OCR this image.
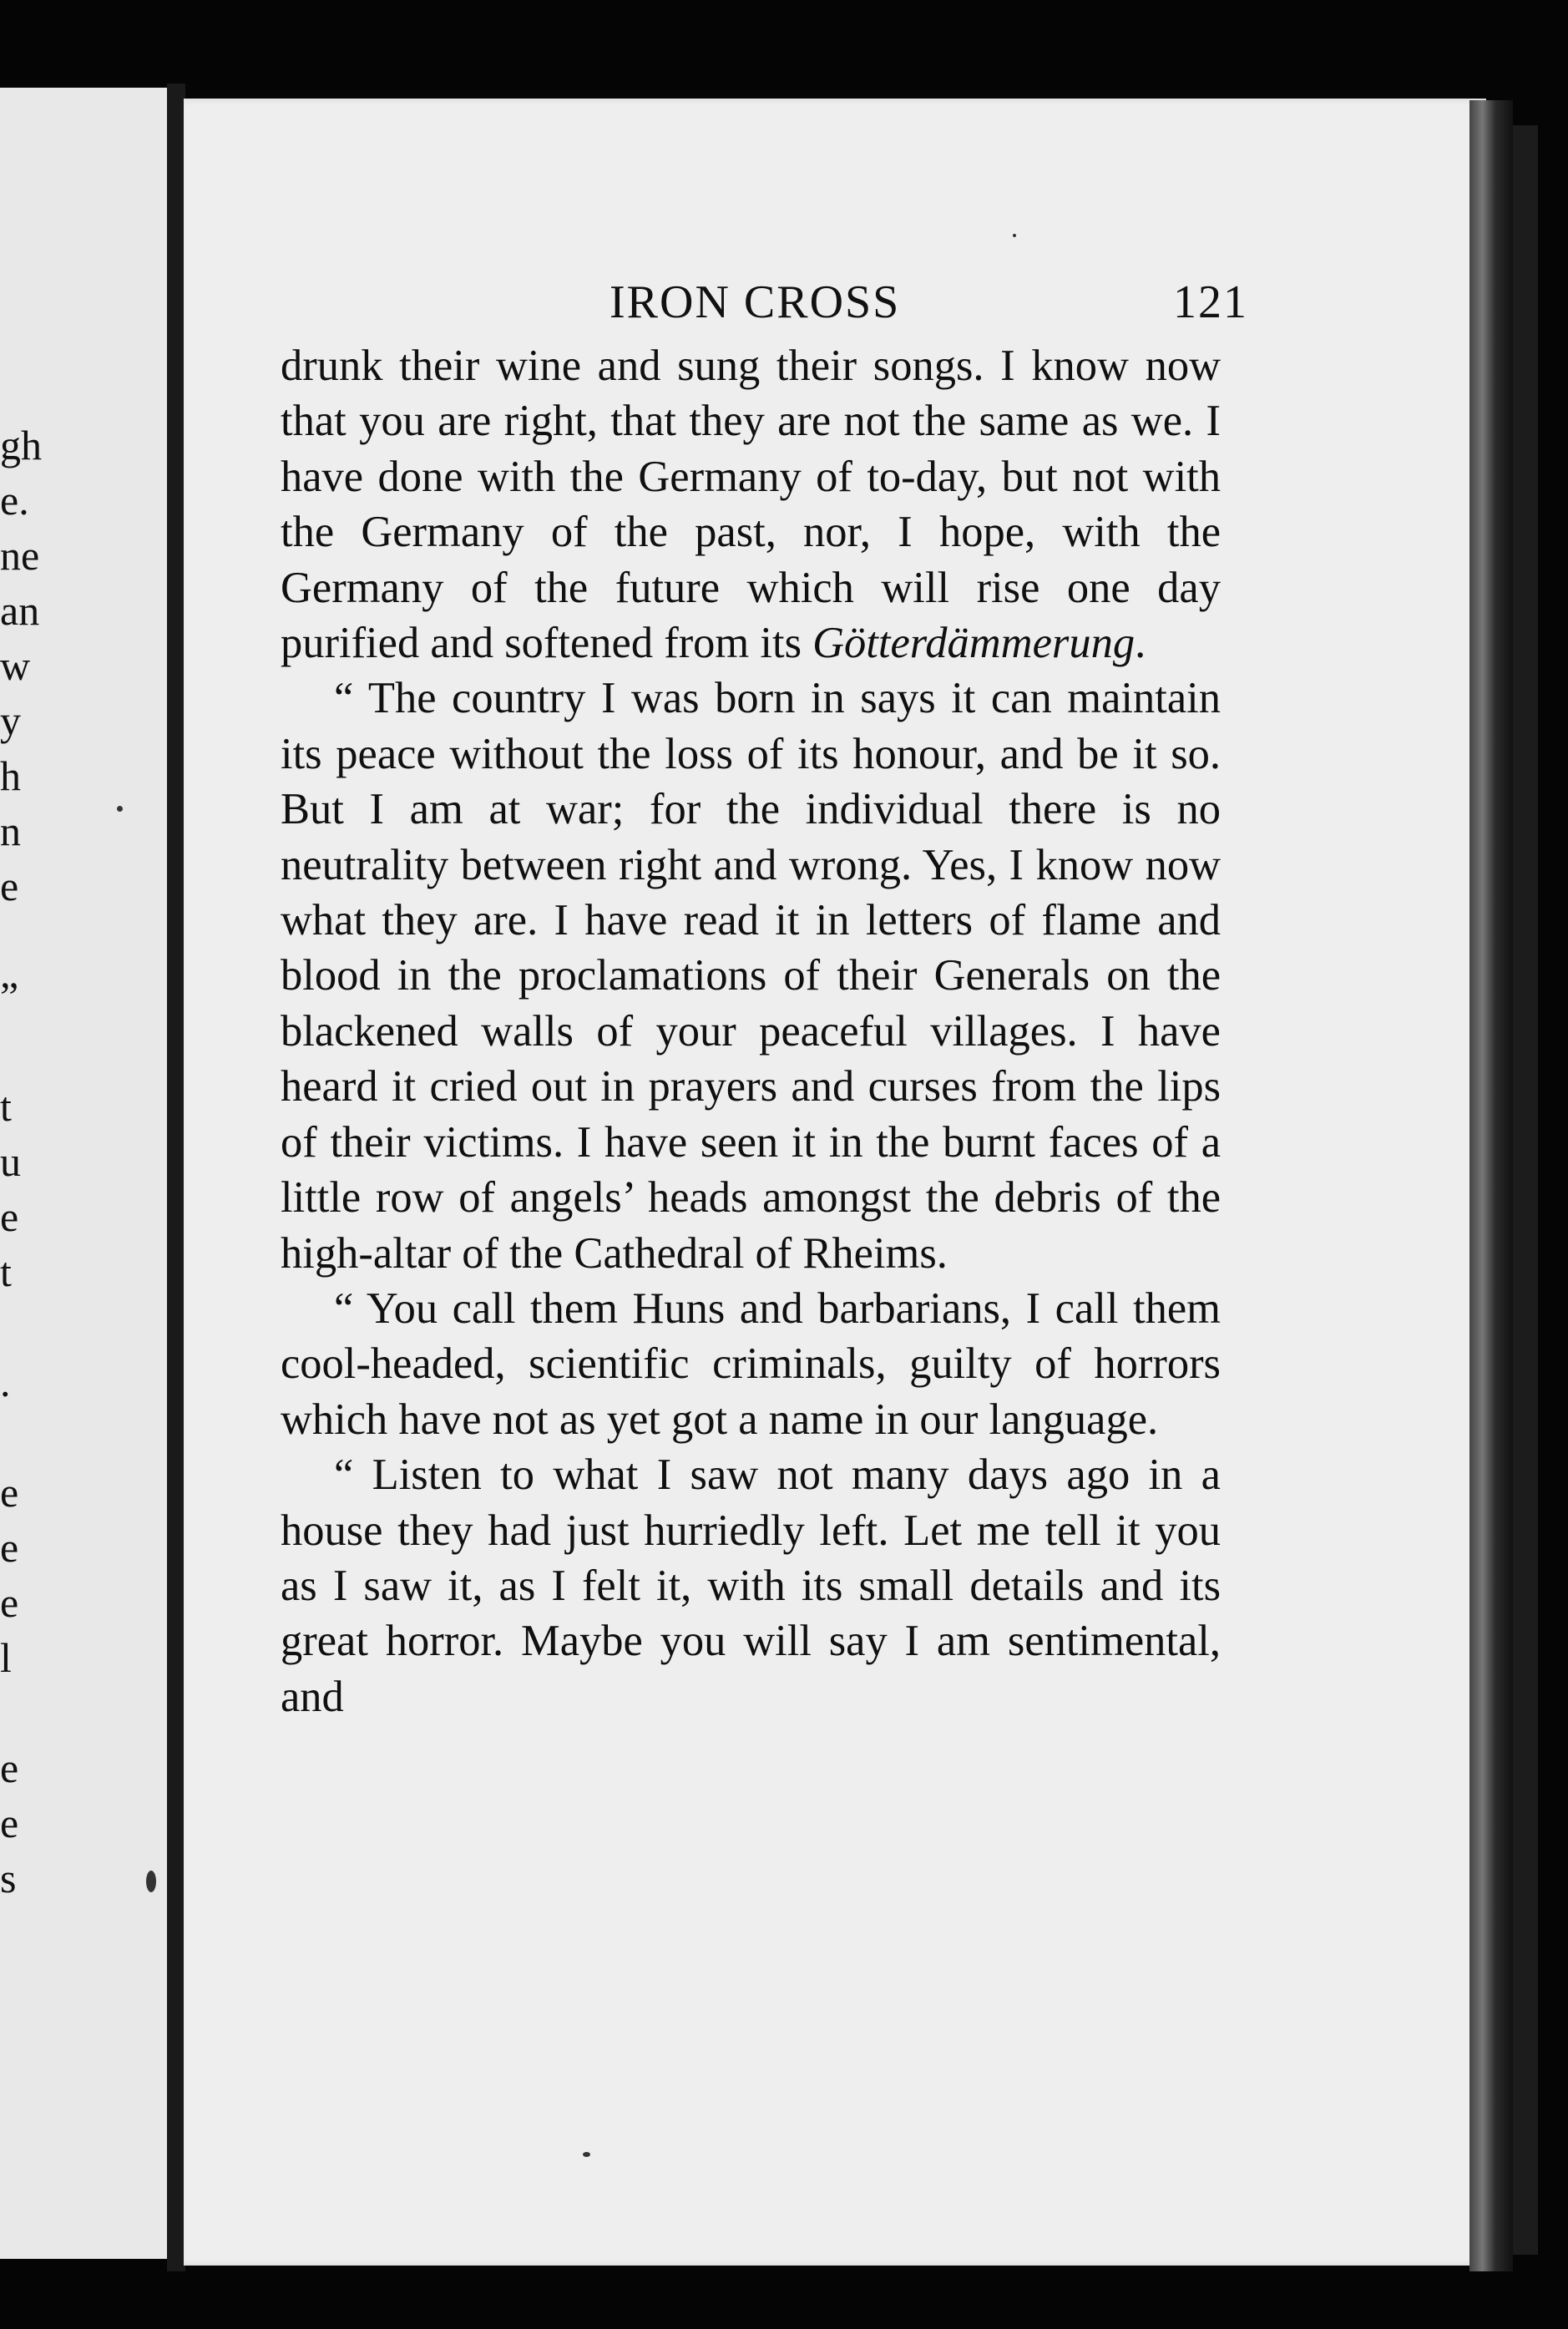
gh
e.
ne
an
w
y
h
n
e
”
t
u
e
t
.
e
e
e
l
e
e
s
IRON CROSS	121

drunk their wine and sung their songs. I know now that you are right, that they are not the same as we. I have done with the Germany of to-day, but not with the Germany of the past, nor, I hope, with the Germany of the future which will rise one day purified and softened from its Götterdämmerung.

“ The country I was born in says it can maintain its peace without the loss of its honour, and be it so. But I am at war; for the individual there is no neutrality between right and wrong. Yes, I know now what they are. I have read it in letters of flame and blood in the proclamations of their Generals on the blackened walls of your peaceful villages. I have heard it cried out in prayers and curses from the lips of their victims. I have seen it in the burnt faces of a little row of angels’ heads amongst the debris of the high-altar of the Cathedral of Rheims.

“ You call them Huns and barbarians, I call them cool-headed, scientific criminals, guilty of horrors which have not as yet got a name in our language.

“ Listen to what I saw not many days ago in a house they had just hurriedly left. Let me tell it you as I saw it, as I felt it, with its small details and its great horror. Maybe you will say I am sentimental, and
